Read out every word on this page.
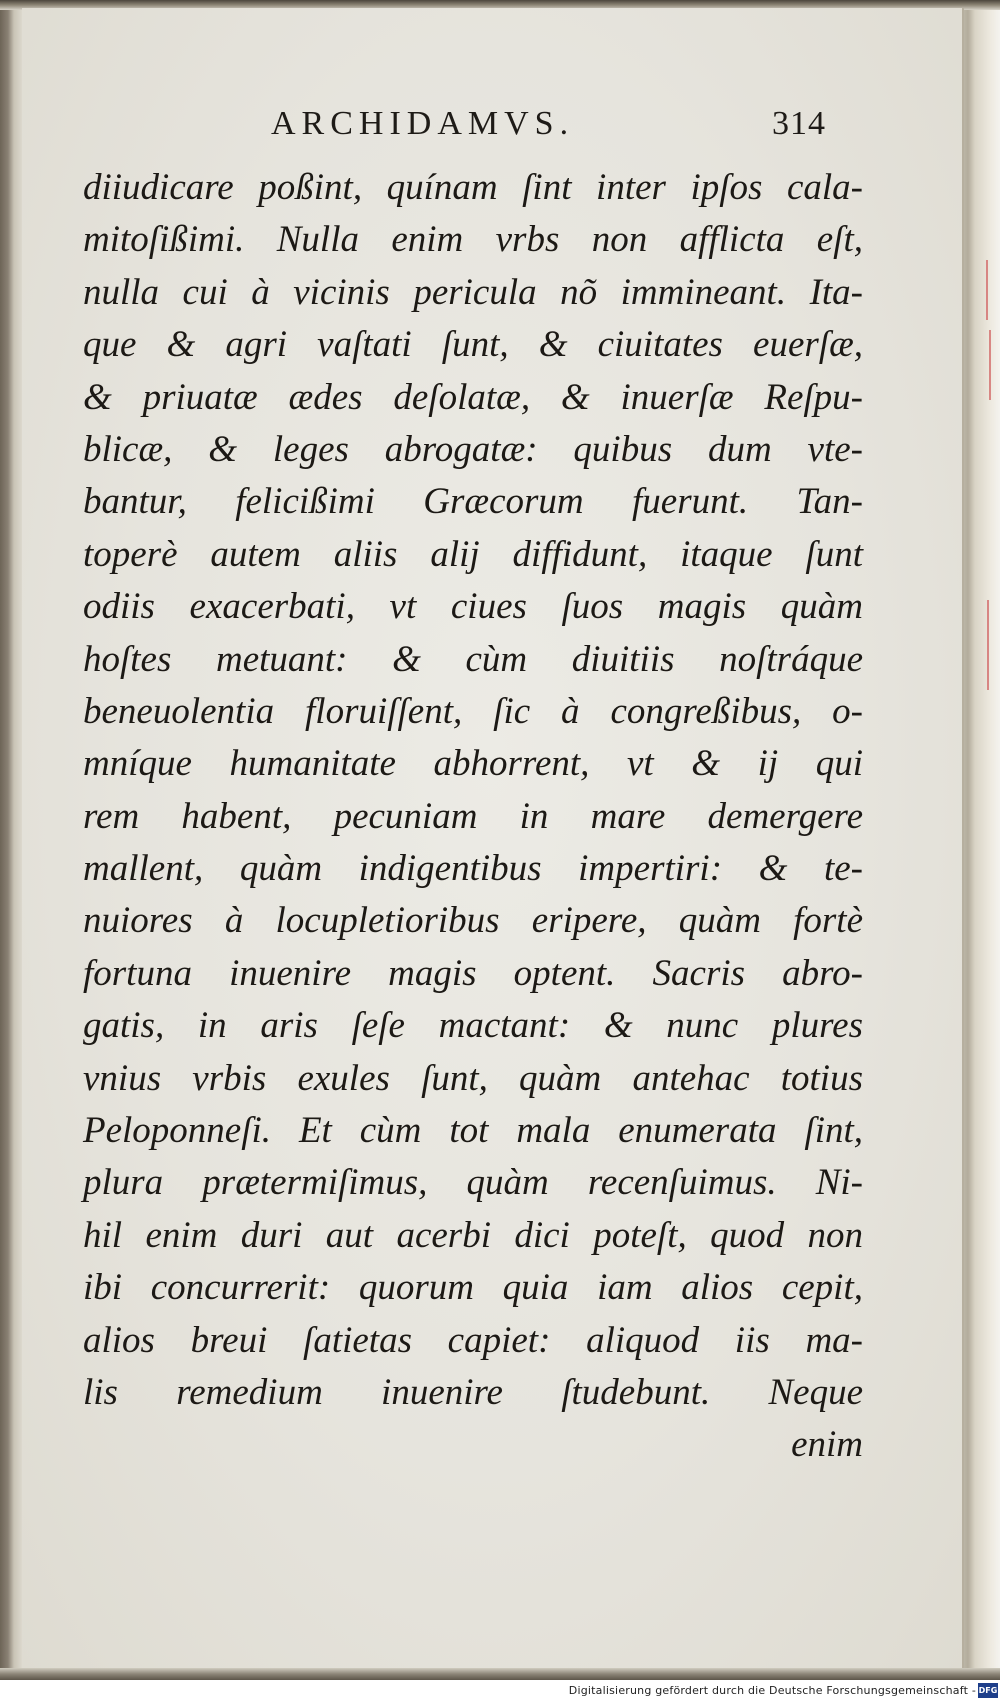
ARCHIDAMVS.	314
diiudicare poßint, quínam ſint inter ipſos cala-
mitoſißimi. Nulla enim vrbs non afflicta eſt,
nulla cui à vicinis pericula nõ immineant. Ita-
que & agri vaſtati ſunt, & ciuitates euerſæ,
& priuatæ ædes deſolatæ, & inuerſæ Reſpu-
blicæ, & leges abrogatæ: quibus dum vte-
bantur, felicißimi Græcorum fuerunt. Tan-
toperè autem aliis alij diffidunt, itaque ſunt
odiis exacerbati, vt ciues ſuos magis quàm
hoſtes metuant: & cùm diuitiis noſtráque
beneuolentia floruiſſent, ſic à congreßibus, o-
mníque humanitate abhorrent, vt & ij qui
rem habent, pecuniam in mare demergere
mallent, quàm indigentibus impertiri: & te-
nuiores à locupletioribus eripere, quàm fortè
fortuna inuenire magis optent. Sacris abro-
gatis, in aris ſeſe mactant: & nunc plures
vnius vrbis exules ſunt, quàm antehac totius
Peloponneſi. Et cùm tot mala enumerata ſint,
plura prætermiſimus, quàm recenſuimus. Ni-
hil enim duri aut acerbi dici poteſt, quod non
ibi concurrerit: quorum quia iam alios cepit,
alios breui ſatietas capiet: aliquod iis ma-
lis remedium inuenire ſtudebunt. Neque
enim
Digitalisierung gefördert durch die Deutsche Forschungsgemeinschaft - DFG
